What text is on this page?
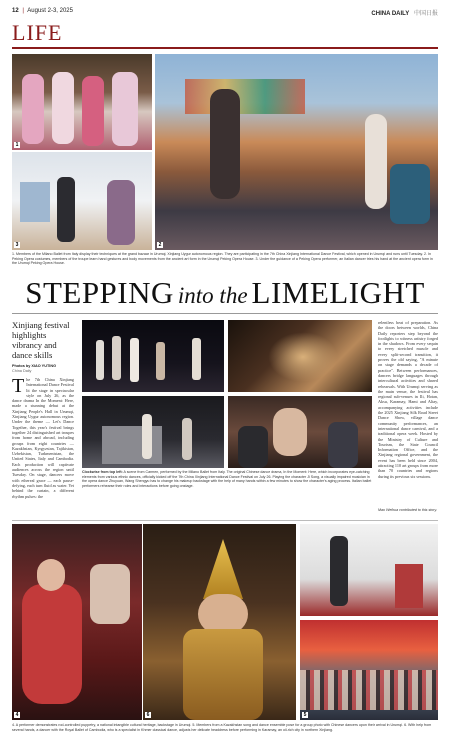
12 | August 2-3, 2025	CHINA DAILY 中国日报
LIFE
2
1
3
1. Members of the Milano Ballet from Italy display their techniques at the grand bazaar in Urumqi, Xinjiang Uygur autonomous region. They are participating in the 7th China Xinjiang International Dance Festival, which opened in Urumqi and runs until Tuesday. 2. In Peking Opera costumes, members of the troupe learn hand gestures and body movements from the ancient art form in the Urumqi Peking Opera House. 3. Under the guidance of a Peking Opera performer, an Italian dancer tries his hand at the ancient opera form in the Urumqi Peking Opera House.
STEPPING into the LIMELIGHT
Xinjiang festival highlights vibrancy and dance skills
Photos by XIAO YUTING
China Daily
T he 7th China Xinjiang International Dance Festival lit the stage in spectacular style on July 26, as the dance drama In the Moment: Here, made a stunning debut at the Xinjiang People's Hall in Urumqi, Xinjiang Uygur autonomous region. Under the theme — Let's Dance Together, this year's festival brings together 24 distinguished art troupes from home and abroad, including groups from eight countries — Kazakhstan, Kyrgyzstan, Tajikistan, Uzbekistan, Turkmenistan, the United States, Italy and Cambodia. Each production will captivate audiences across the region until Tuesday. On stage, dancers move with ethereal grace — each pause-defying, each turn fluid as water. Yet behind the curtain, a different rhythm pulses: the
Clockwise from top left: A scene from Carmen, performed by the Milano Ballet from Italy. The original Chinese dance drama, In the Moment: Here, which incorporates eye-catching elements from various ethnic dances, officially kicked off the 7th China Xinjiang International Dance Festival on July 26. Playing the character Ji Song, a visually impaired musician in the opera dance Zhuyuan, Wang Shengyu has to change his makeup backstage with the help of many hands within a few minutes to show the character's aging process. Italian ballet performers rehearse their roles and interactions before going onstage.
relentless beat of preparation. As the doors between worlds, China Daily reporters step beyond the footlights to witness artistry forged in the shadows. From every sequin to every stretched muscle and every split-second transition, it proves the old saying, "A minute on stage demands a decade of practice". Between performances, dancers bridge languages through intercultural activities and shared rehearsals. With Urumqi serving as the main venue, the festival has regional sub-venues in Ili, Hotan, Aksu, Karamay, Hami and Altay, accompanying activities include the 2025 Xinjiang Silk Road Street Dance Show, village dance community performances, an international dance carnival, and a traditional opera week. Hosted by the Ministry of Culture and Tourism, the State Council Information Office, and the Xinjiang regional government, the event has been held since 2004, attracting 110 art groups from more than 70 countries and regions during its previous six sessions.
Mao Weihua contributed to this story.
4	6	5
4. A performer demonstrates rod-controlled puppetry, a national intangible cultural heritage, backstage in Urumqi. 5. Members from a Kazakhstan song and dance ensemble pose for a group photo with Chinese dancers upon their arrival in Urumqi. 6. With help from several hands, a dancer with the Royal Ballet of Cambodia, who is a specialist in Khmer classical dance, adjusts her delicate headdress before performing in Karamay, an oil-rich city in northern Xinjiang.
